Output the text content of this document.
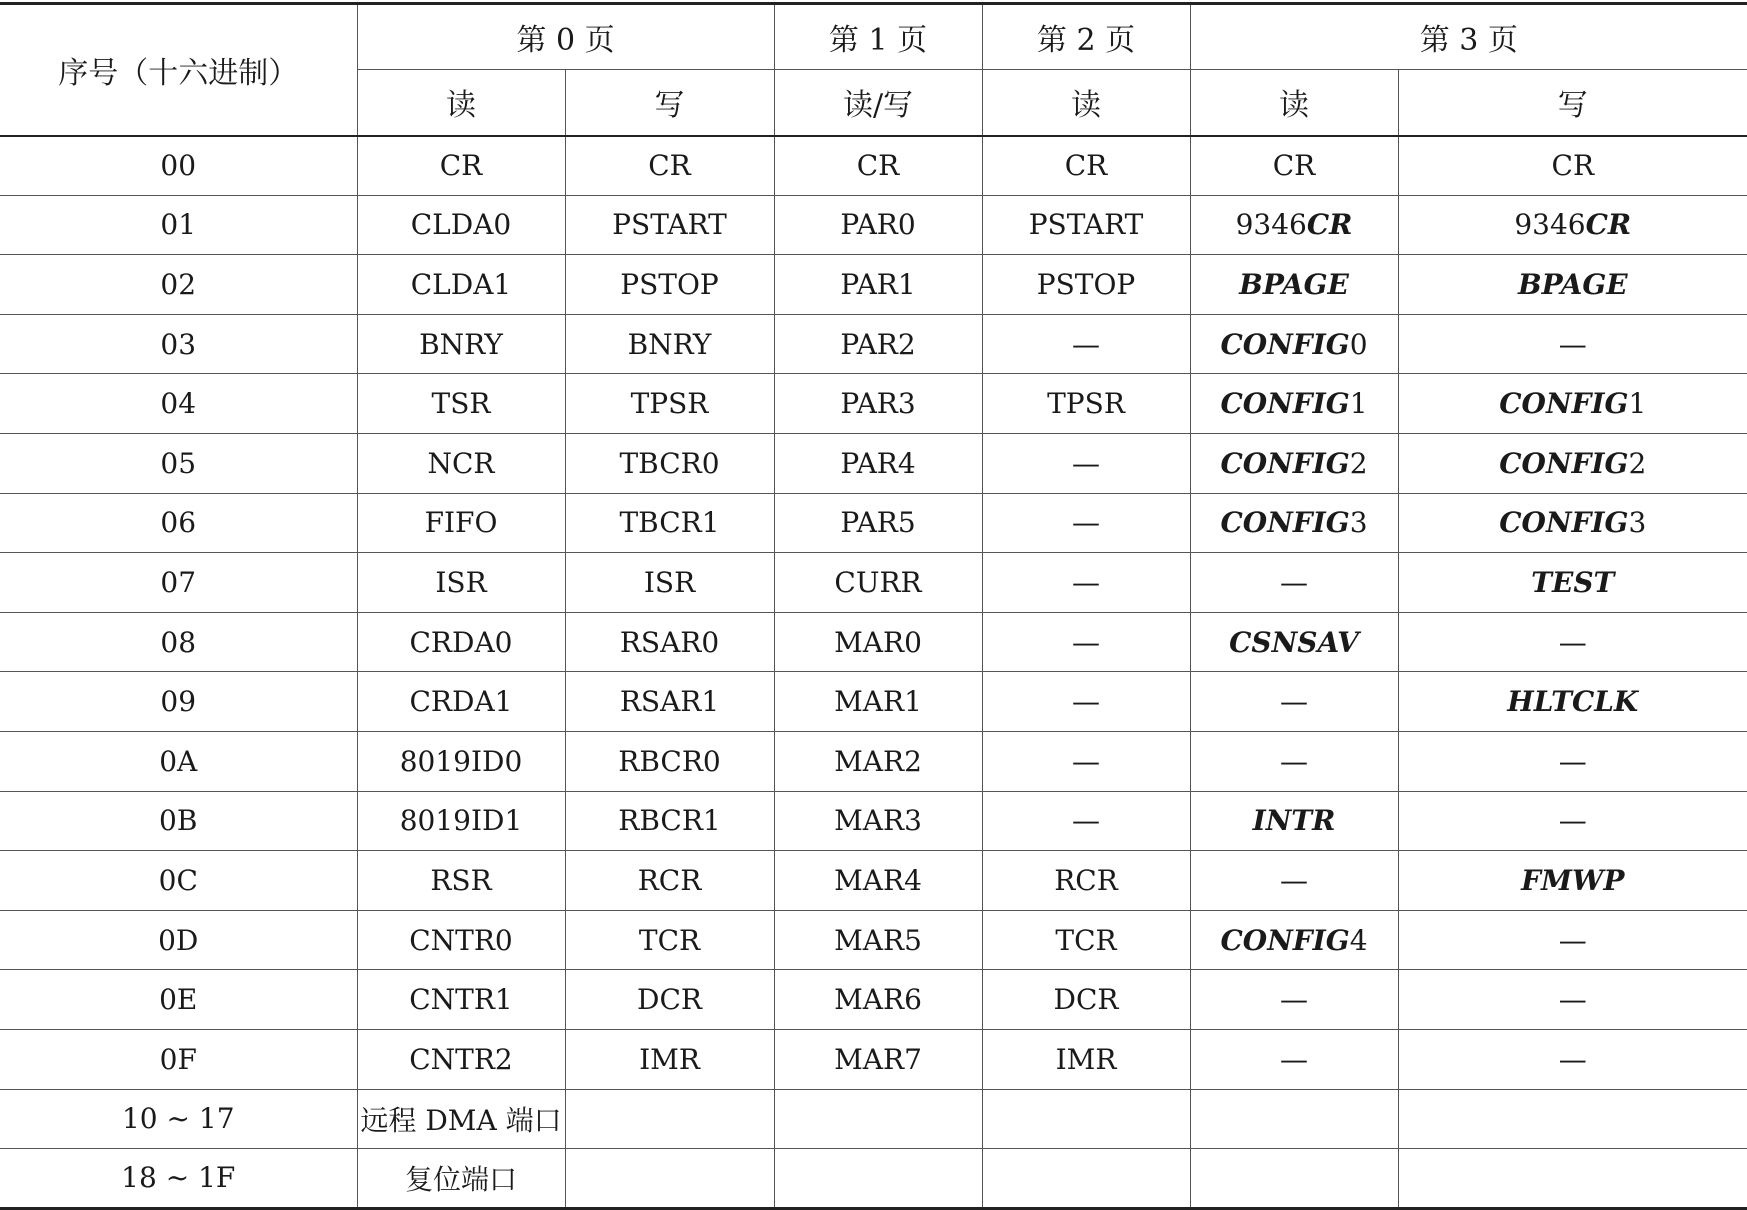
序号（十六进制）	第 0 页		第 1 页	第 2 页	第 3 页	
	读	写	读/写	读	读	写
00	CR	CR	CR	CR	CR	CR
01	CLDA0	PSTART	PAR0	PSTART	9346CR	9346CR
02	CLDA1	PSTOP	PAR1	PSTOP	BPAGE	BPAGE
03	BNRY	BNRY	PAR2	—	CONFIG0	—
04	TSR	TPSR	PAR3	TPSR	CONFIG1	CONFIG1
05	NCR	TBCR0	PAR4	—	CONFIG2	CONFIG2
06	FIFO	TBCR1	PAR5	—	CONFIG3	CONFIG3
07	ISR	ISR	CURR	—	—	TEST
08	CRDA0	RSAR0	MAR0	—	CSNSAV	—
09	CRDA1	RSAR1	MAR1	—	—	HLTCLK
0A	8019ID0	RBCR0	MAR2	—	—	—
0B	8019ID1	RBCR1	MAR3	—	INTR	—
0C	RSR	RCR	MAR4	RCR	—	FMWP
0D	CNTR0	TCR	MAR5	TCR	CONFIG4	—
0E	CNTR1	DCR	MAR6	DCR	—	—
0F	CNTR2	IMR	MAR7	IMR	—	—
10 ~ 17	远程 DMA 端口					
18 ~ 1F	复位端口					
